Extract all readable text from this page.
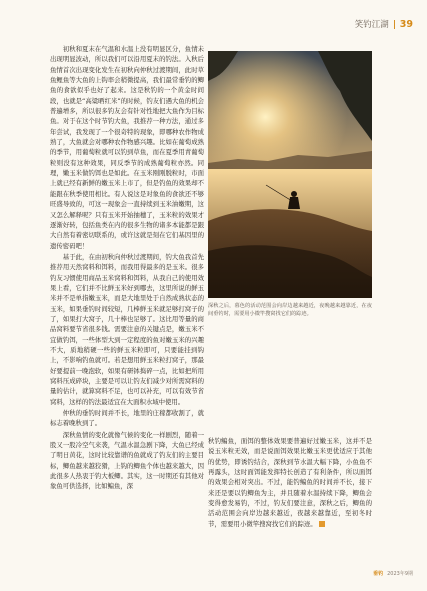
笑钓江湖 39

初秋和夏末在气温和水温上没有明显区分，鱼情未出现明显波动，所以我们可以沿用夏末的钓法。入秋后鱼情首次出现变化发生在初秋向仲秋过渡期间，此时草鱼鲤鱼等大鱼的上钩率会稍微提高，我们最常垂钓的鲫鱼的食欲似乎也好了起来。这是秋钓的一个黄金时间段，也就是“高粱晒红米”的时候，钓友们遇大鱼的机会普遍增多，所以很多钓友会有针对性地把大鱼作为目标鱼。对于在这个时节钓大鱼，我推荐一种方法，通过多年尝试，我发现了一个很奇特的现象，即哪种农作物成熟了，大鱼就会对哪种农作物感兴趣。比如在葡萄成熟的季节，用葡萄粒就可以钓到草鱼，而在夏季用青葡萄粒则没有这种效果，同反季节的成熟葡萄粒亦然。同理，嫩玉米做钓饵也是如此。在玉米刚刚脱粒时，市面上就已经有新鲜的嫩玉米上市了，但是钓鱼的效果却不能跟在秋季使用相比。有人说这是对象鱼的食欲还不够旺盛导致的，可这一现象会一直持续到玉米油嫩期，这又怎么解释呢？只有玉米开始抽穗了，玉米粒的效果才逐渐好转，包括鱼类在内的很多生物的诸多本能都是跟大自然有着密切联系的，或许这就是刻在它们基因里的遗传密码吧！

基于此，在由初秋向仲秋过渡期间，钓大鱼我首先推荐用天然窝料和饵料，而我用得最多的是玉米。很多钓友习惯使用商品玉米窝料和饵料，从我自己的使用效果上看，它们并不比鲜玉米好到哪去，这里所说的鲜玉米并不是单指嫩玉米，而是大地里处于自然成熟状态的玉米，如果垂钓时间较短，几棒鲜玉米就足够打窝子的了，如果打大窝子，几十棒也足够了。这比用等量的商品窝料要节省很多钱。需要注意的关键点是，嫩玉米不宜做钓饵，一些体型大到一定程度的鱼对嫩玉米的兴趣不大，质地稍硬一些的鲜玉米粒即可，只要能挂到钩上，不影响钓鱼就可。若是想用鲜玉米粒打窝子，那最好要提前一晚泡软，如果有研钵捣碎一点，比如把所用窝料压成碎块，主要是可以让钓友们减少对所需窝料的量的估计，就算窝料不足，也可以补充，可以有效节省窝料，这样的钓法最适宜在大面积水域中使用。

仲秋的垂钓时间并不长，地里的庄稼都收割了，就标志着晚秋到了。

深秋鱼情的变化就像气候的变化一样剧烈，随着一股又一股冷空气来袭，气温水温急剧下降，大鱼已经成了明日黄花，这时比较靠谱的鱼就成了钓友们的主要目标，鲫鱼越来越狡猾，上钩的鲫鱼个体也越来越大，因此很多人热衷于钓大板鲫。其实，这一时期还有其他对象鱼可供选择，比如鳊鱼，深

深秋之后，暮色的活动范围会向岸边越来越近，夜晚越来越靠近，在夜间垂钓时，需要用小微竿搜窝找它们的踪迹。

秋钓鳊鱼，面饵的整体效果要普遍好过嫩玉米，这并不是说玉米粒无效，而是说面饵效果比嫩玉米更优适应于其他的优势，即诱钓结合，深秋到节水温大幅下降，小鱼鱼不再露头，这时面饵能发挥特长创造了有利条件，所以面饵的效果会相对突出。不过，能钓鳊鱼的时间并不长，接下来还是要以钓鲫鱼为主，并且随着水温持续下降，鲫鱼会变得愈发易钓，不过，钓友们要注意，深秋之后，鲫鱼的活动范围会向岸边越来越近，夜越来越靠近，至初冬时节，需要用小微竿搜窝找它们的踪迹。

垂钓 2023年9期
